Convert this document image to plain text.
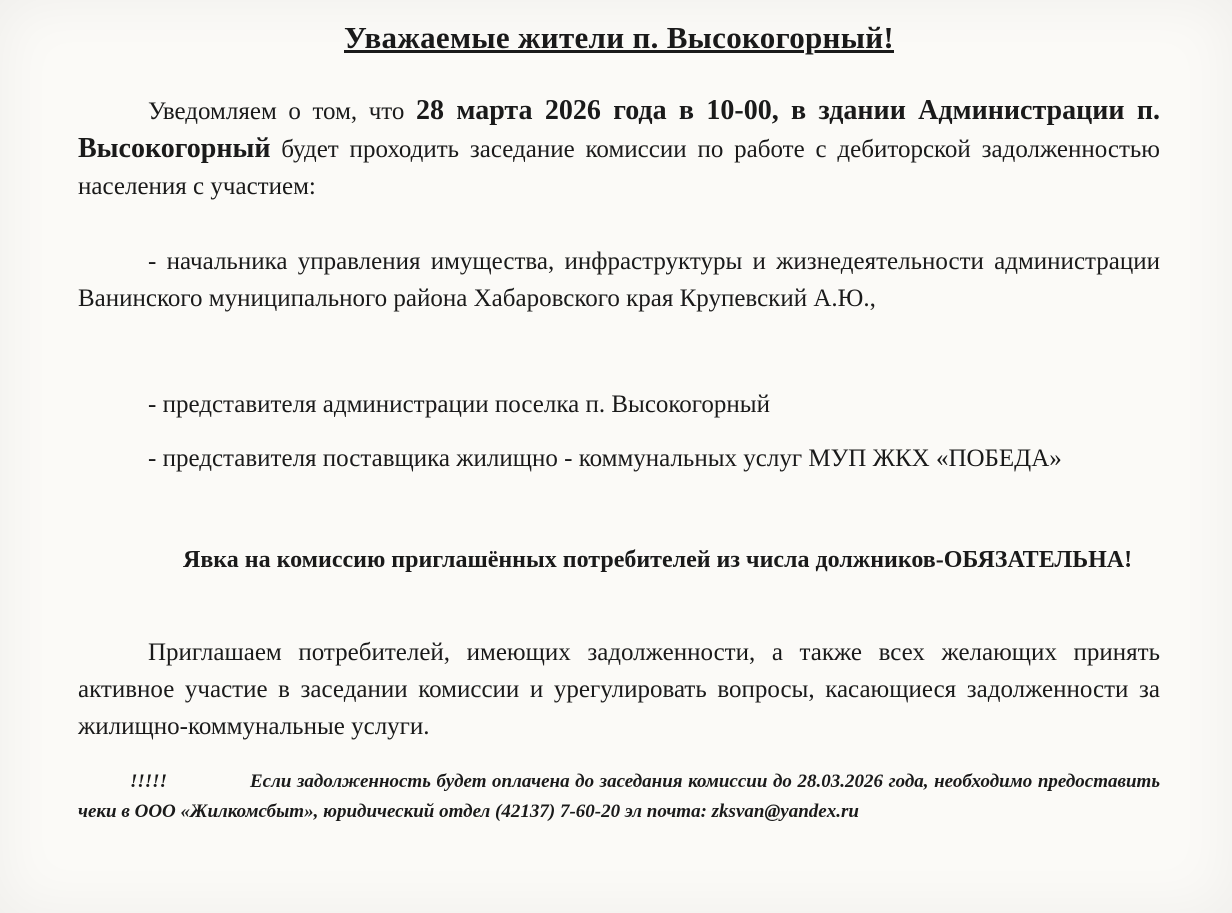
Уважаемые жители п. Высокогорный!

Уведомляем о том, что 28 марта 2026 года в 10-00, в здании Администрации п. Высокогорный будет проходить заседание комиссии по работе с дебиторской задолженностью населения с участием:

- начальника управления имущества, инфраструктуры и жизнедеятельности администрации Ванинского муниципального района Хабаровского края Крупевский А.Ю.,

- представителя администрации поселка п. Высокогорный

- представителя поставщика жилищно - коммунальных услуг МУП ЖКХ «ПОБЕДА»

Явка на комиссию приглашённых потребителей из числа должников-ОБЯЗАТЕЛЬНА!

Приглашаем потребителей, имеющих задолженности, а также всех желающих принять активное участие в заседании комиссии и урегулировать вопросы, касающиеся задолженности за жилищно-коммунальные услуги.

!!!!!	Если задолженность будет оплачена до заседания комиссии до 28.03.2026 года, необходимо предоставить чеки в ООО «Жилкомсбыт», юридический отдел (42137) 7-60-20 эл почта: zksvan@yandex.ru
